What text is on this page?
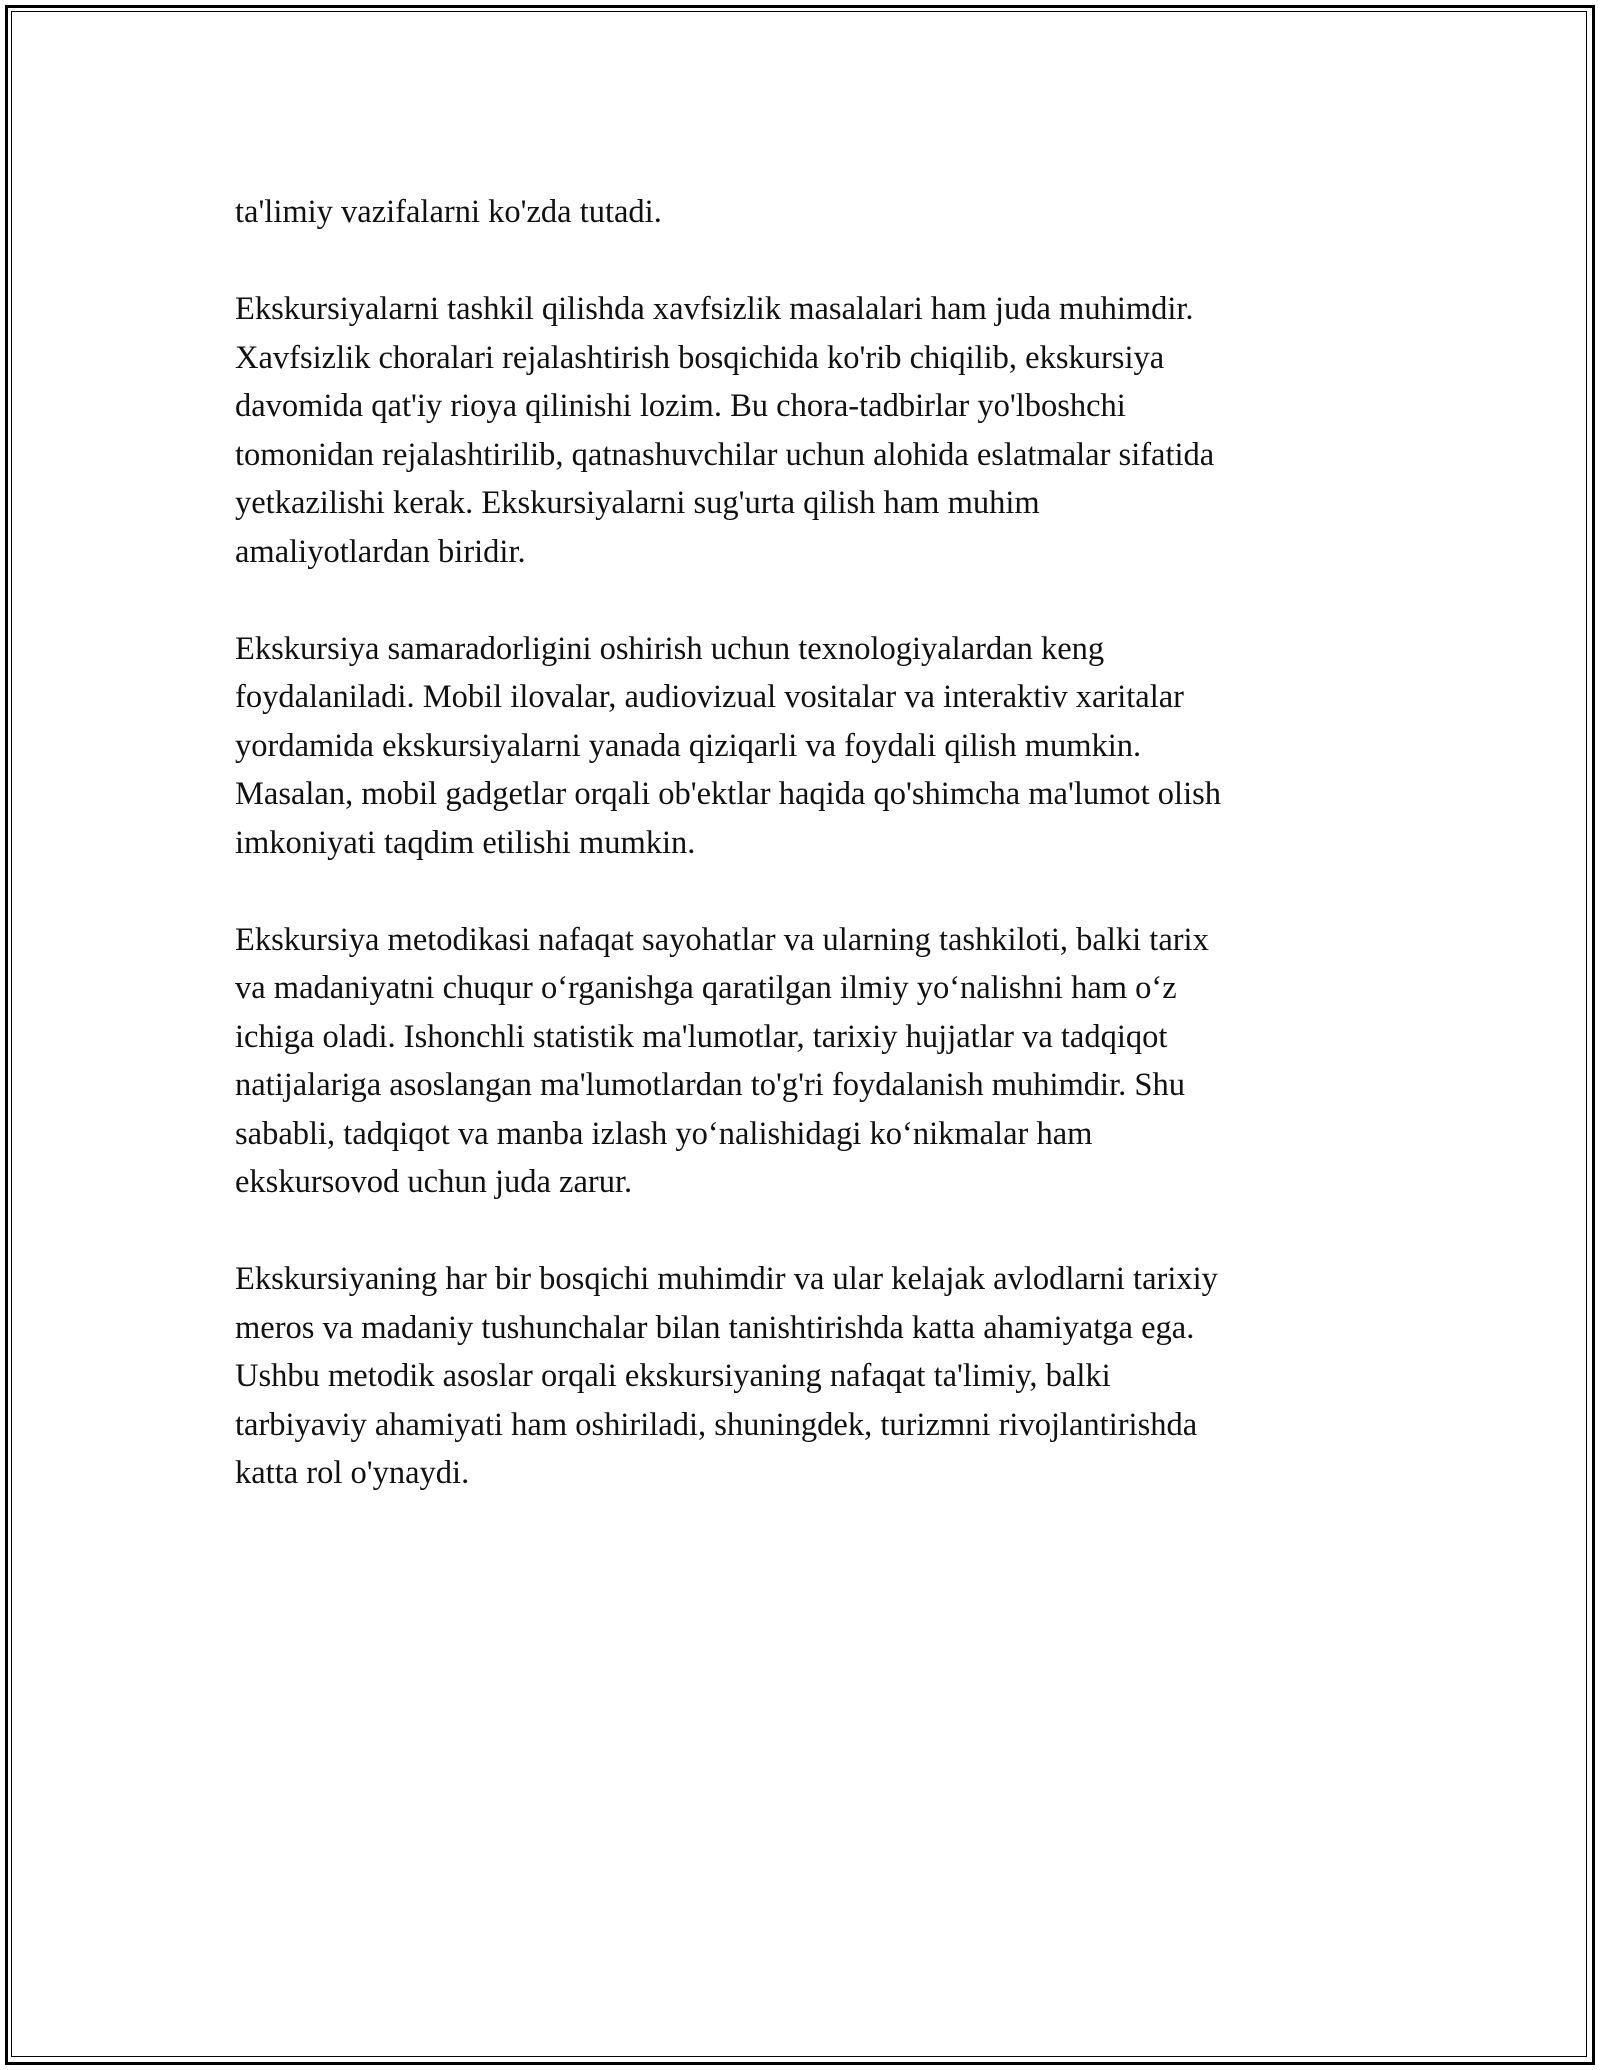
ta'limiy vazifalarni ko'zda tutadi.

Ekskursiyalarni tashkil qilishda xavfsizlik masalalari ham juda muhimdir.
Xavfsizlik choralari rejalashtirish bosqichida ko'rib chiqilib, ekskursiya
davomida qat'iy rioya qilinishi lozim. Bu chora-tadbirlar yo'lboshchi
tomonidan rejalashtirilib, qatnashuvchilar uchun alohida eslatmalar sifatida
yetkazilishi kerak. Ekskursiyalarni sug'urta qilish ham muhim
amaliyotlardan biridir.

Ekskursiya samaradorligini oshirish uchun texnologiyalardan keng
foydalaniladi. Mobil ilovalar, audiovizual vositalar va interaktiv xaritalar
yordamida ekskursiyalarni yanada qiziqarli va foydali qilish mumkin.
Masalan, mobil gadgetlar orqali ob'ektlar haqida qo'shimcha ma'lumot olish
imkoniyati taqdim etilishi mumkin.

Ekskursiya metodikasi nafaqat sayohatlar va ularning tashkiloti, balki tarix
va madaniyatni chuqur o‘rganishga qaratilgan ilmiy yo‘nalishni ham o‘z
ichiga oladi. Ishonchli statistik ma'lumotlar, tarixiy hujjatlar va tadqiqot
natijalariga asoslangan ma'lumotlardan to'g'ri foydalanish muhimdir. Shu
sababli, tadqiqot va manba izlash yo‘nalishidagi ko‘nikmalar ham
ekskursovod uchun juda zarur.

Ekskursiyaning har bir bosqichi muhimdir va ular kelajak avlodlarni tarixiy
meros va madaniy tushunchalar bilan tanishtirishda katta ahamiyatga ega.
Ushbu metodik asoslar orqali ekskursiyaning nafaqat ta'limiy, balki
tarbiyaviy ahamiyati ham oshiriladi, shuningdek, turizmni rivojlantirishda
katta rol o'ynaydi.
